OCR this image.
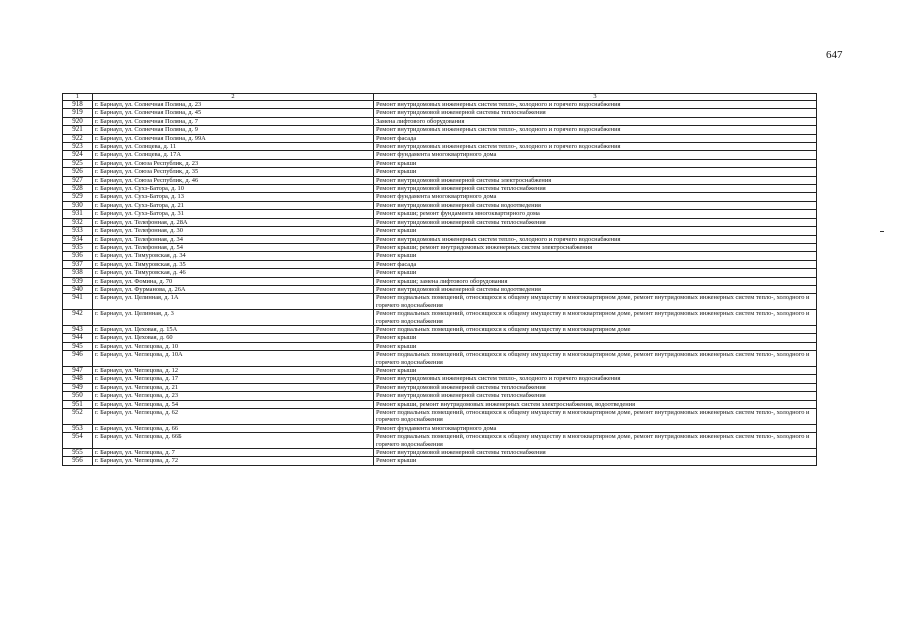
647
1	2	3
918	г. Барнаул, ул. Солнечная Поляна, д. 23	Ремонт внутридомовых инженерных систем тепло-, холодного и горячего водоснабжения
919	г. Барнаул, ул. Солнечная Поляна, д. 45	Ремонт внутридомовой инженерной системы теплоснабжения
920	г. Барнаул, ул. Солнечная Поляна, д. 7	Замена лифтового оборудования
921	г. Барнаул, ул. Солнечная Поляна, д. 9	Ремонт внутридомовых инженерных систем тепло-, холодного и горячего водоснабжения
922	г. Барнаул, ул. Солнечная Поляна, д. 99А	Ремонт фасада
923	г. Барнаул, ул. Солнцева, д. 11	Ремонт внутридомовых инженерных систем тепло-, холодного и горячего водоснабжения
924	г. Барнаул, ул. Солнцева, д. 17А	Ремонт фундамента многоквартирного дома
925	г. Барнаул, ул. Союза Республик, д. 23	Ремонт крыши
926	г. Барнаул, ул. Союза Республик, д. 35	Ремонт крыши
927	г. Барнаул, ул. Союза Республик, д. 46	Ремонт внутридомовой инженерной системы электроснабжения
928	г. Барнаул, ул. Сухэ-Батора, д. 10	Ремонт внутридомовой инженерной системы теплоснабжения
929	г. Барнаул, ул. Сухэ-Батора, д. 13	Ремонт фундамента многоквартирного дома
930	г. Барнаул, ул. Сухэ-Батора, д. 21	Ремонт внутридомовой инженерной системы водоотведения
931	г. Барнаул, ул. Сухэ-Батора, д. 31	Ремонт крыши; ремонт фундамента многоквартирного дома
932	г. Барнаул, ул. Телефонная, д. 28А	Ремонт внутридомовой инженерной системы теплоснабжения
933	г. Барнаул, ул. Телефонная, д. 30	Ремонт крыши
934	г. Барнаул, ул. Телефонная, д. 34	Ремонт внутридомовых инженерных систем тепло-, холодного и горячего водоснабжения
935	г. Барнаул, ул. Телефонная, д. 54	Ремонт крыши; ремонт внутридомовых инженерных систем электроснабжения
936	г. Барнаул, ул. Тимуровская, д. 34	Ремонт крыши
937	г. Барнаул, ул. Тимуровская, д. 35	Ремонт фасада
938	г. Барнаул, ул. Тимуровская, д. 46	Ремонт крыши
939	г. Барнаул, ул. Фомина, д. 70	Ремонт крыши; замена лифтового оборудования
940	г. Барнаул, ул. Фурманова, д. 26А	Ремонт внутридомовой инженерной системы водоотведения
941	г. Барнаул, ул. Целинная, д. 1А	Ремонт подвальных помещений, относящихся к общему имуществу в многоквартирном доме, ремонт внутридомовых инженерных систем тепло-, холодного и горячего водоснабжения
942	г. Барнаул, ул. Целинная, д. 3	Ремонт подвальных помещений, относящихся к общему имуществу в многоквартирном доме, ремонт внутридомовых инженерных систем тепло-, холодного и горячего водоснабжения
943	г. Барнаул, ул. Цеховая, д. 15А	Ремонт подвальных помещений, относящихся к общему имуществу в многоквартирном доме
944	г. Барнаул, ул. Цеховая, д. 60	Ремонт крыши
945	г. Барнаул, ул. Чеглецова, д. 10	Ремонт крыши
946	г. Барнаул, ул. Чеглецова, д. 10А	Ремонт подвальных помещений, относящихся к общему имуществу в многоквартирном доме, ремонт внутридомовых инженерных систем тепло-, холодного и горячего водоснабжения
947	г. Барнаул, ул. Чеглецова, д. 12	Ремонт крыши
948	г. Барнаул, ул. Чеглецова, д. 17	Ремонт внутридомовых инженерных систем тепло-, холодного и горячего водоснабжения
949	г. Барнаул, ул. Чеглецова, д. 21	Ремонт внутридомовой инженерной системы теплоснабжения
950	г. Барнаул, ул. Чеглецова, д. 23	Ремонт внутридомовой инженерной системы теплоснабжения
951	г. Барнаул, ул. Чеглецова, д. 54	Ремонт крыши, ремонт внутридомовых инженерных систем электроснабжения, водоотведения
952	г. Барнаул, ул. Чеглецова, д. 62	Ремонт подвальных помещений, относящихся к общему имуществу в многоквартирном доме, ремонт внутридомовых инженерных систем тепло-, холодного и горячего водоснабжения
953	г. Барнаул, ул. Чеглецова, д. 66	Ремонт фундамента многоквартирного дома
954	г. Барнаул, ул. Чеглецова, д. 66Б	Ремонт подвальных помещений, относящихся к общему имуществу в многоквартирном доме, ремонт внутридомовых инженерных систем тепло-, холодного и горячего водоснабжения
955	г. Барнаул, ул. Чеглецова, д. 7	Ремонт внутридомовой инженерной системы теплоснабжения
956	г. Барнаул, ул. Чеглецова, д. 72	Ремонт крыши
